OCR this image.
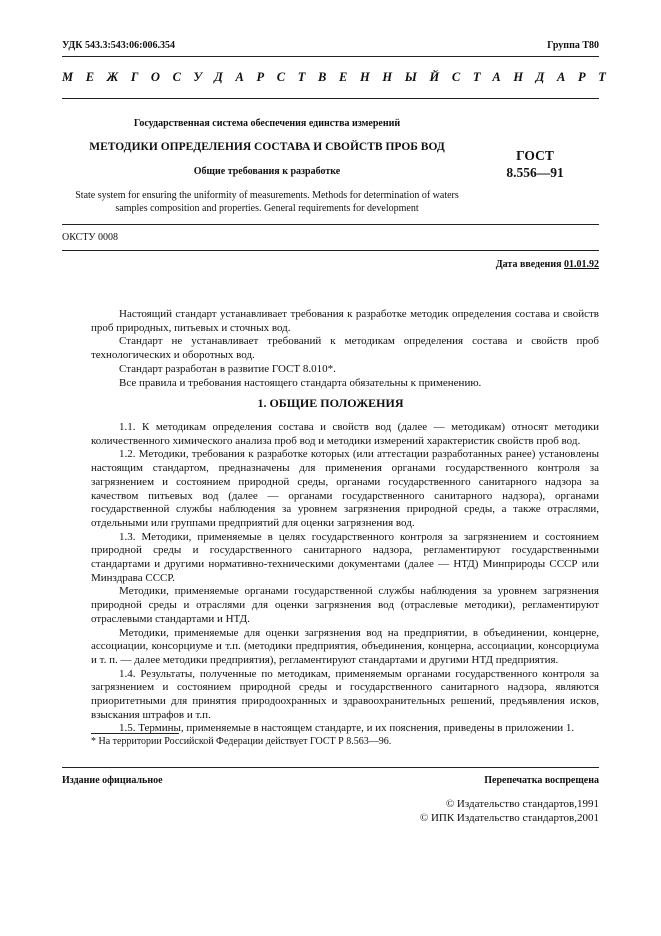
УДК 543.3:543:06:006.354	Группа Т80
МЕЖГОСУДАРСТВЕННЫЙ СТАНДАРТ
Государственная система обеспечения единства измерений
МЕТОДИКИ ОПРЕДЕЛЕНИЯ СОСТАВА И СВОЙСТВ ПРОБ ВОД
Общие требования к разработке
ГОСТ
8.556—91
State system for ensuring the uniformity of measurements. Methods for determination of waters samples composition and properties. General requirements for development
ОКСТУ 0008
Дата введения 01.01.92

Настоящий стандарт устанавливает требования к разработке методик определения состава и свойств проб природных, питьевых и сточных вод.

Стандарт не устанавливает требований к методикам определения состава и свойств проб технологических и оборотных вод.

Стандарт разработан в развитие ГОСТ 8.010*.

Все правила и требования настоящего стандарта обязательны к применению.

1. ОБЩИЕ ПОЛОЖЕНИЯ

1.1. К методикам определения состава и свойств вод (далее — методикам) относят методики количественного химического анализа проб вод и методики измерений характеристик свойств проб вод.

1.2. Методики, требования к разработке которых (или аттестации разработанных ранее) установлены настоящим стандартом, предназначены для применения органами государственного контроля за загрязнением и состоянием природной среды, органами государственного санитарного надзора за качеством питьевых вод (далее — органами государственного санитарного надзора), органами государственной службы наблюдения за уровнем загрязнения природной среды, а также отраслями, отдельными или группами предприятий для оценки загрязнения вод.

1.3. Методики, применяемые в целях государственного контроля за загрязнением и состоянием природной среды и государственного санитарного надзора, регламентируют государственными стандартами и другими нормативно-техническими документами (далее — НТД) Минприроды СССР или Минздрава СССР.

Методики, применяемые органами государственной службы наблюдения за уровнем загрязнения природной среды и отраслями для оценки загрязнения вод (отраслевые методики), регламентируют отраслевыми стандартами и НТД.

Методики, применяемые для оценки загрязнения вод на предприятии, в объединении, концерне, ассоциации, консорциуме и т.п. (методики предприятия, объединения, концерна, ассоциации, консорциума и т. п. — далее методики предприятия), регламентируют стандартами и другими НТД предприятия.

1.4. Результаты, полученные по методикам, применяемым органами государственного контроля за загрязнением и состоянием природной среды и государственного санитарного надзора, являются приоритетными для принятия природоохранных и здравоохранительных решений, предъявления исков, взыскания штрафов и т.п.

1.5. Термины, применяемые в настоящем стандарте, и их пояснения, приведены в приложении 1.

* На территории Российской Федерации действует ГОСТ Р 8.563—96.
Издание официальное	Перепечатка воспрещена
© Издательство стандартов,1991
© ИПК Издательство стандартов,2001
